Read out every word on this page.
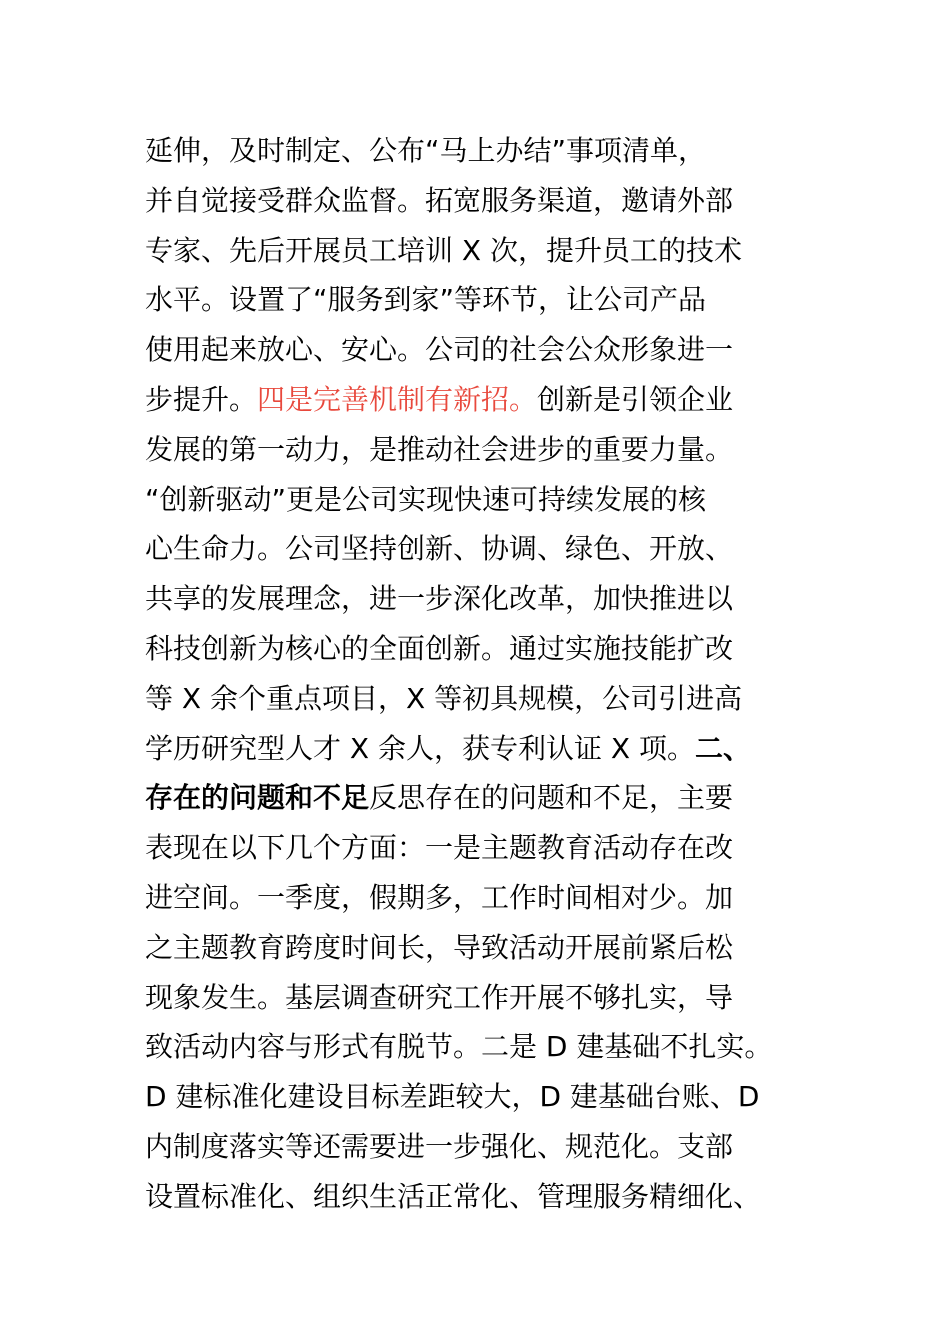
延伸，及时制定、公布“马上办结”事项清单，
并自觉接受群众监督。拓宽服务渠道，邀请外部
专家、先后开展员工培训 X 次，提升员工的技术
水平。设置了“服务到家”等环节，让公司产品
使用起来放心、安心。公司的社会公众形象进一
步提升。四是完善机制有新招。创新是引领企业
发展的第一动力，是推动社会进步的重要力量。
“创新驱动”更是公司实现快速可持续发展的核
心生命力。公司坚持创新、协调、绿色、开放、
共享的发展理念，进一步深化改革，加快推进以
科技创新为核心的全面创新。通过实施技能扩改
等 X 余个重点项目，X 等初具规模，公司引进高
学历研究型人才 X 余人，获专利认证 X 项。二、
存在的问题和不足反思存在的问题和不足，主要
表现在以下几个方面：一是主题教育活动存在改
进空间。一季度，假期多，工作时间相对少。加
之主题教育跨度时间长，导致活动开展前紧后松
现象发生。基层调查研究工作开展不够扎实，导
致活动内容与形式有脱节。二是 D 建基础不扎实。
D 建标准化建设目标差距较大，D 建基础台账、D
内制度落实等还需要进一步强化、规范化。支部
设置标准化、组织生活正常化、管理服务精细化、
